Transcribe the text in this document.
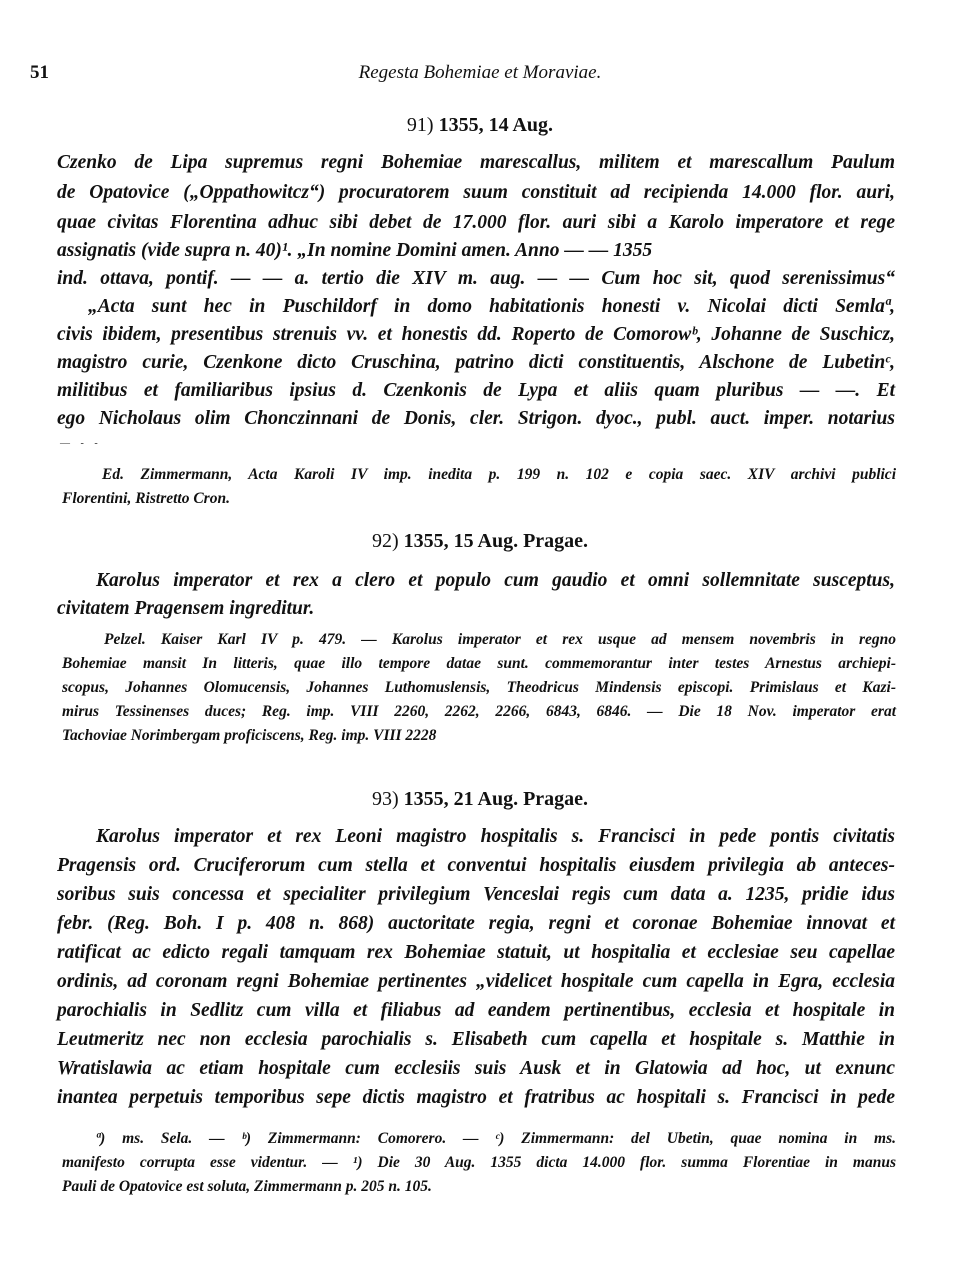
51	Regesta Bohemiae et Moraviae.
91) 1355, 14 Aug.
Czenko de Lipa supremus regni Bohemiae marescallus, militem et marescallum Paulum
de Opatovice („Oppathowitcz“) procuratorem suum constituit ad recipienda 14.000 flor. auri,
quae civitas Florentina adhuc sibi debet de 17.000 flor. auri sibi a Karolo imperatore et rege
assignatis (vide supra n. 40)¹. „In nomine Domini amen. Anno — — 1355
ind. ottava, pontif. — — a. tertio die XIV m. aug. — — Cum hoc sit, quod serenissimus“
„Acta sunt hec in Puschildorf in domo habitationis honesti v. Nicolai dicti Semlaª,
civis ibidem, presentibus strenuis vv. et honestis dd. Roperto de Comorowᵇ, Johanne de Suschicz,
magistro curie, Czenkone dicto Cruschina, patrino dicti constituentis, Alschone de Lubetinᶜ,
militibus et familiaribus ipsius d. Czenkonis de Lypa et aliis quam pluribus — —. Et
ego Nicholaus olim Chonczinnani de Donis, cler. Strigon. dyoc., publ. auct. imper. notarius
— - -
Ed. Zimmermann, Acta Karoli IV imp. inedita p. 199 n. 102 e copia saec. XIV archivi publici
Florentini, Ristretto Cron.
92) 1355, 15 Aug. Pragae.
Karolus imperator et rex a clero et populo cum gaudio et omni sollemnitate susceptus,
civitatem Pragensem ingreditur.
Pelzel. Kaiser Karl IV p. 479. — Karolus imperator et rex usque ad mensem novembris in regno
Bohemiae mansit In litteris, quae illo tempore datae sunt. commemorantur inter testes Arnestus archiepi-
scopus, Johannes Olomucensis, Johannes Luthomuslensis, Theodricus Mindensis episcopi. Primislaus et Kazi-
mirus Tessinenses duces; Reg. imp. VIII 2260, 2262, 2266, 6843, 6846. — Die 18 Nov. imperator erat
Tachoviae Norimbergam proficiscens, Reg. imp. VIII 2228
93) 1355, 21 Aug. Pragae.
Karolus imperator et rex Leoni magistro hospitalis s. Francisci in pede pontis civitatis
Pragensis ord. Cruciferorum cum stella et conventui hospitalis eiusdem privilegia ab anteces-
soribus suis concessa et specialiter privilegium Venceslai regis cum data a. 1235, pridie idus
febr. (Reg. Boh. I p. 408 n. 868) auctoritate regia, regni et coronae Bohemiae innovat et
ratificat ac edicto regali tamquam rex Bohemiae statuit, ut hospitalia et ecclesiae seu capellae
ordinis, ad coronam regni Bohemiae pertinentes „videlicet hospitale cum capella in Egra, ecclesia
parochialis in Sedlitz cum villa et filiabus ad eandem pertinentibus, ecclesia et hospitale in
Leutmeritz nec non ecclesia parochialis s. Elisabeth cum capella et hospitale s. Matthie in
Wratislawia ac etiam hospitale cum ecclesiis suis Ausk et in Glatowia ad hoc, ut exnunc
inantea perpetuis temporibus sepe dictis magistro et fratribus ac hospitali s. Francisci in pede
ª) ms. Sela. — ᵇ) Zimmermann: Comorero. — ᶜ) Zimmermann: del Ubetin, quae nomina in ms.
manifesto corrupta esse videntur. — ¹) Die 30 Aug. 1355 dicta 14.000 flor. summa Florentiae in manus
Pauli de Opatovice est soluta, Zimmermann p. 205 n. 105.
